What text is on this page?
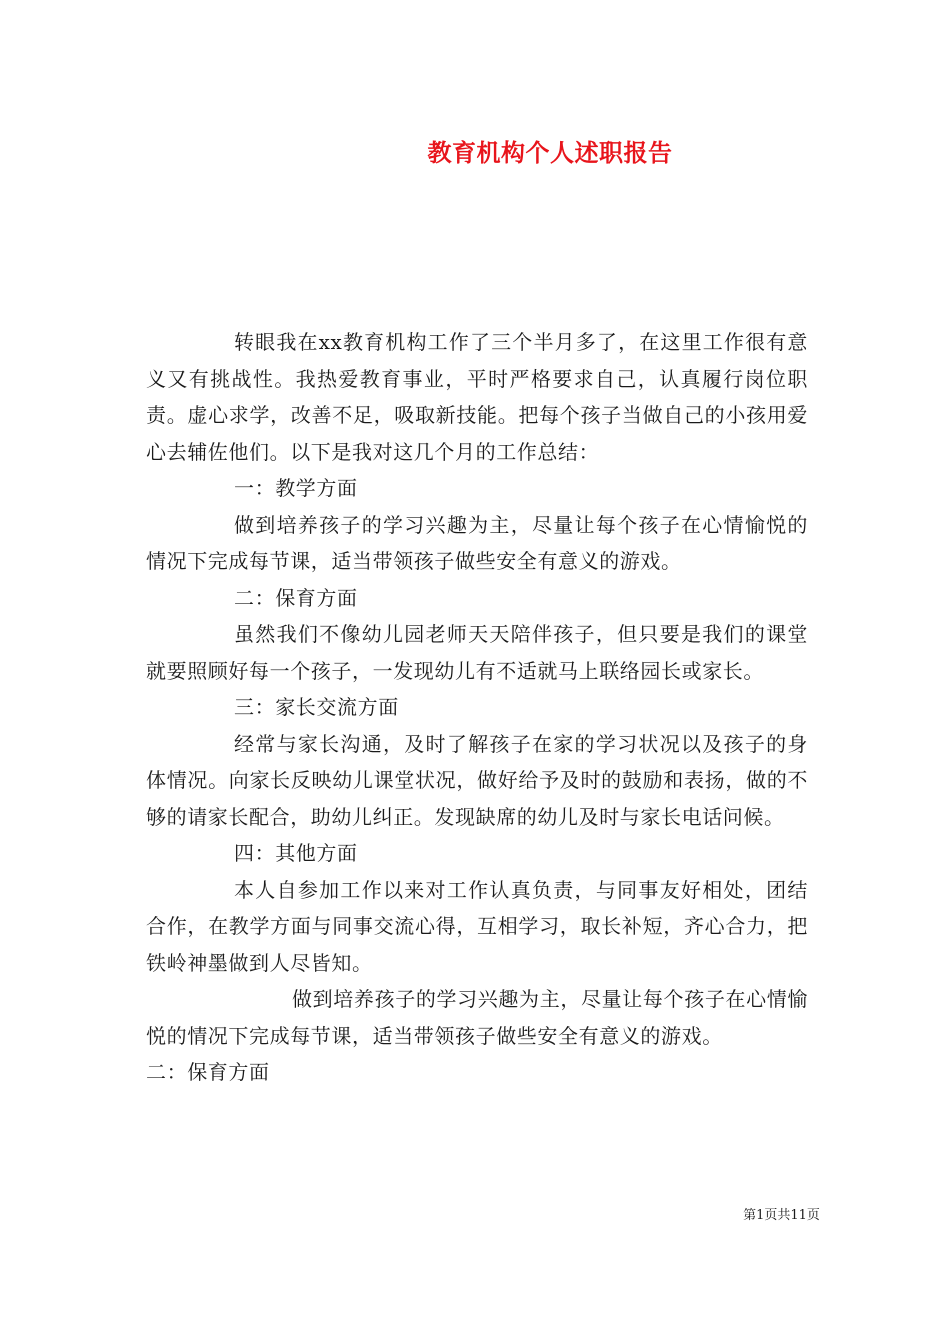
教育机构个人述职报告

转眼我在xx教育机构工作了三个半月多了，在这里工作很有意义又有挑战性。我热爱教育事业，平时严格要求自己，认真履行岗位职责。虚心求学，改善不足，吸取新技能。把每个孩子当做自己的小孩用爱心去辅佐他们。以下是我对这几个月的工作总结：

一：教学方面

做到培养孩子的学习兴趣为主，尽量让每个孩子在心情愉悦的情况下完成每节课，适当带领孩子做些安全有意义的游戏。

二：保育方面

虽然我们不像幼儿园老师天天陪伴孩子，但只要是我们的课堂就要照顾好每一个孩子，一发现幼儿有不适就马上联络园长或家长。

三：家长交流方面

经常与家长沟通，及时了解孩子在家的学习状况以及孩子的身体情况。向家长反映幼儿课堂状况，做好给予及时的鼓励和表扬，做的不够的请家长配合，助幼儿纠正。发现缺席的幼儿及时与家长电话问候。

四：其他方面

本人自参加工作以来对工作认真负责，与同事友好相处，团结合作，在教学方面与同事交流心得，互相学习，取长补短，齐心合力，把铁岭神墨做到人尽皆知。

做到培养孩子的学习兴趣为主，尽量让每个孩子在心情愉悦的情况下完成每节课，适当带领孩子做些安全有意义的游戏。

二：保育方面

第1页共11页
